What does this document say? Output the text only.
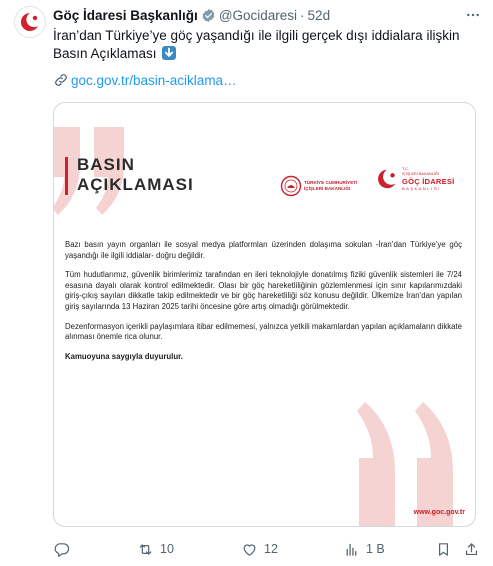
Göç İdaresi Başkanlığı @Gocidaresi · 52d
İran’dan Türkiye’ye göç yaşandığı ile ilgili gerçek dışı iddialara ilişkin Basın Açıklaması
goc.gov.tr/basin-aciklama…
BASIN
AÇIKLAMASI	TÜRKİYE CUMHURİYETİ
İÇİŞLERİ BAKANLIĞI
T.C.
İÇİŞLERİ BAKANLIĞI
GÖÇ İDARESİ
BAŞKANLIĞI

Bazı basın yayın organları ile sosyal medya platformları üzerinden dolaşıma sokulan -İran’dan Türkiye’ye göç yaşandığı ile ilgili iddialar- doğru değildir.

Tüm hudutlarımız, güvenlik birimlerimiz tarafından en ileri teknolojiyle donatılmış fiziki güvenlik sistemleri ile 7/24 esasına dayalı olarak kontrol edilmektedir. Olası bir göç hareketliliğinin gözlemlenmesi için sınır kapılarımızdaki giriş-çıkış sayıları dikkatle takip edilmektedir ve bir göç hareketliliği söz konusu değildir. Ülkemize İran’dan yapılan giriş sayılarında 13 Haziran 2025 tarihi öncesine göre artış olmadığı görülmektedir.

Dezenformasyon içerikli paylaşımlara itibar edilmemesi, yalnızca yetkili makamlardan yapılan açıklamaların dikkate alınması önemle rica olunur.

Kamuoyuna saygıyla duyurulur.

www.goc.gov.tr
10	12	1 B
